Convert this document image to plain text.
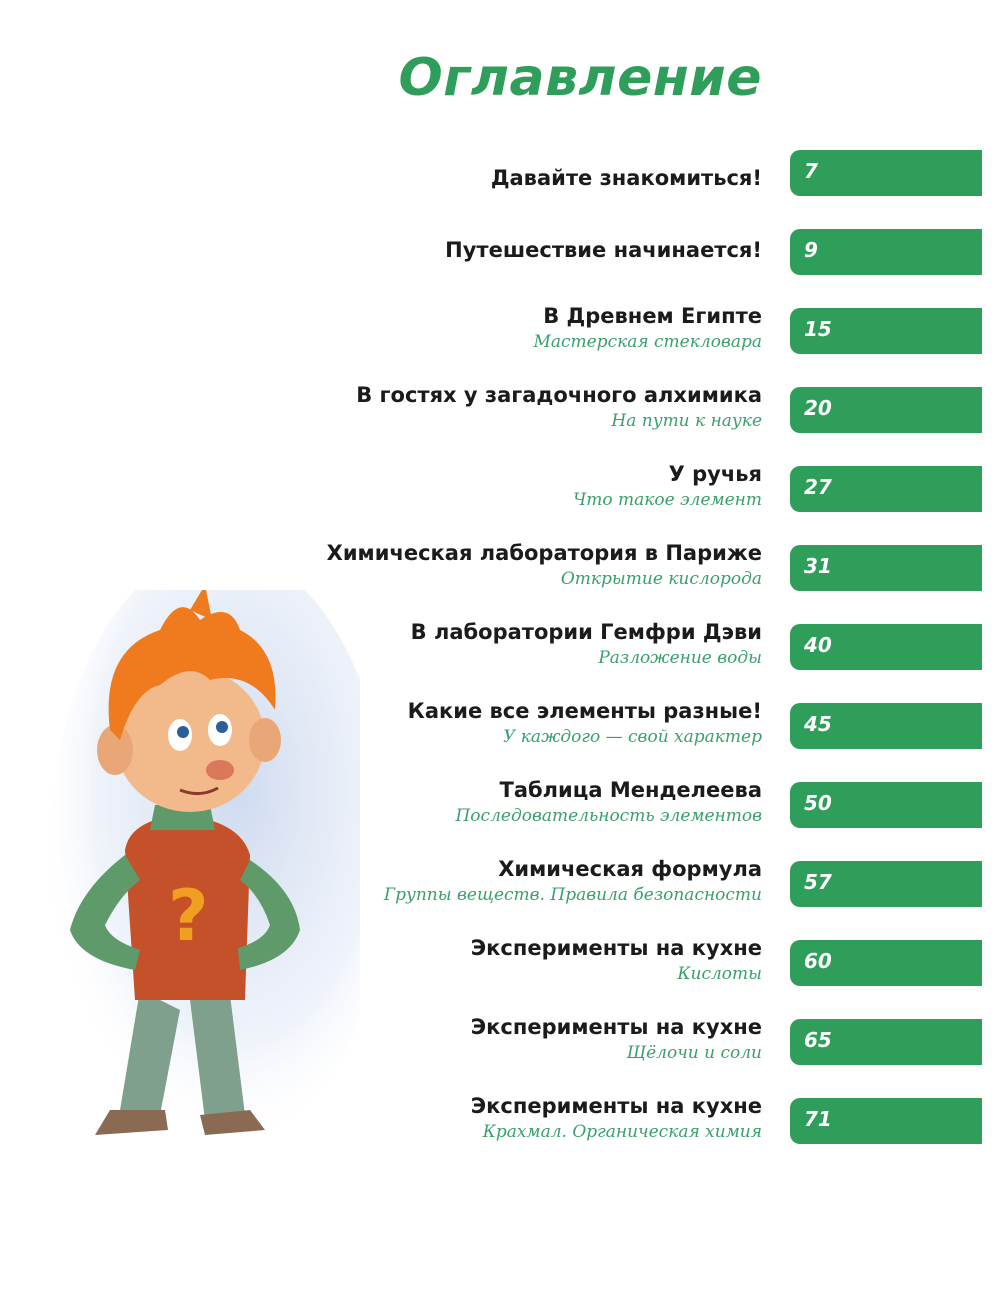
Оглавление
?
Давайте знакомиться! 7
Путешествие начинается! 9
В Древнем Египте
Мастерская стекловара
15
В гостях у загадочного алхимика
На пути к науке
20
У ручья
Что такое элемент
27
Химическая лаборатория в Париже
Открытие кислорода
31
В лаборатории Гемфри Дэви
Разложение воды
40
Какие все элементы разные!
У каждого — свой характер
45
Таблица Менделеева
Последовательность элементов
50
Химическая формула
Группы веществ. Правила безопасности
57
Эксперименты на кухне
Кислоты
60
Эксперименты на кухне
Щёлочи и соли
65
Эксперименты на кухне
Крахмал. Органическая химия
71
